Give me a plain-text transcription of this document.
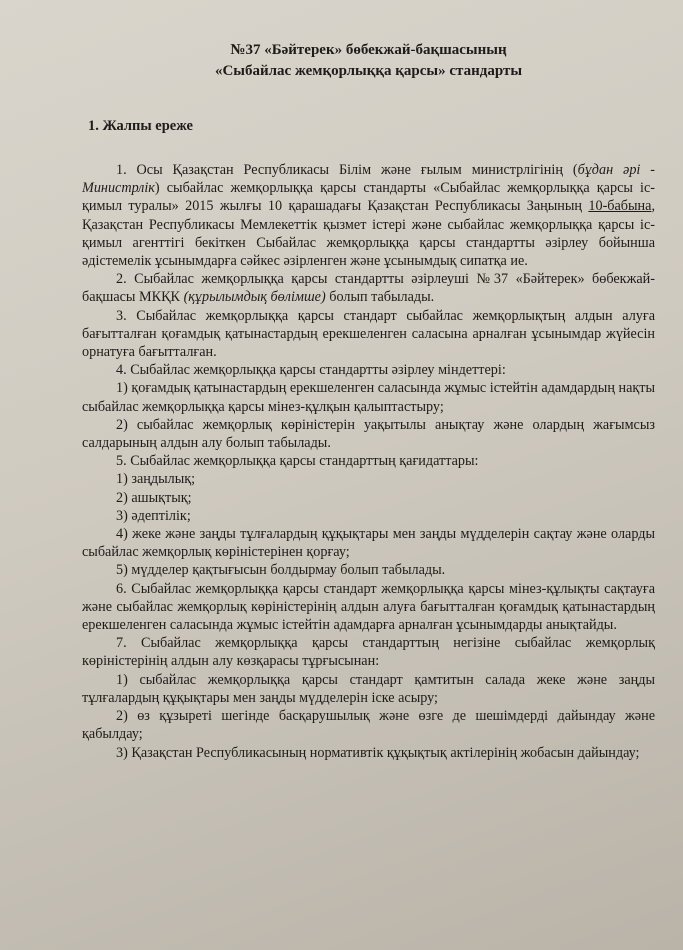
№37 «Бәйтерек» бөбекжай-бақшасының
«Сыбайлас жемқорлыққа қарсы» стандарты
1. Жалпы ереже

1. Осы Қазақстан Республикасы Білім және ғылым министрлігінің (бұдан әрі - Министрлік) сыбайлас жемқорлыққа қарсы стандарты «Сыбайлас жемқорлыққа қарсы іс-қимыл туралы» 2015 жылғы 10 қарашадағы Қазақстан Республикасы Заңының 10-бабына, Қазақстан Республикасы Мемлекеттік қызмет істері және сыбайлас жемқорлыққа қарсы іс-қимыл агенттігі бекіткен Сыбайлас жемқорлыққа қарсы стандартты әзірлеу бойынша әдістемелік ұсынымдарға сәйкес әзірленген және ұсынымдық сипатқа ие.

2. Сыбайлас жемқорлыққа қарсы стандартты әзірлеуші №37 «Бәйтерек» бөбекжай-бақшасы МКҚК (құрылымдық бөлімше) болып табылады.

3. Сыбайлас жемқорлыққа қарсы стандарт сыбайлас жемқорлықтың алдын алуға бағытталған қоғамдық қатынастардың ерекшеленген саласына арналған ұсынымдар жүйесін орнатуға бағытталған.

4. Сыбайлас жемқорлыққа қарсы стандартты әзірлеу міндеттері:

1) қоғамдық қатынастардың ерекшеленген саласында жұмыс істейтін адамдардың нақты сыбайлас жемқорлыққа қарсы мінез-құлқын қалыптастыру;

2) сыбайлас жемқорлық көріністерін уақытылы анықтау және олардың жағымсыз салдарының алдын алу болып табылады.

5. Сыбайлас жемқорлыққа қарсы стандарттың қағидаттары:

1) заңдылық;

2) ашықтық;

3) әдептілік;

4) жеке және заңды тұлғалардың құқықтары мен заңды мүдделерін сақтау және оларды сыбайлас жемқорлық көріністерінен қорғау;

5) мүдделер қақтығысын болдырмау болып табылады.

6. Сыбайлас жемқорлыққа қарсы стандарт жемқорлыққа қарсы мінез-құлықты сақтауға және сыбайлас жемқорлық көріністерінің алдын алуға бағытталған қоғамдық қатынастардың ерекшеленген саласында жұмыс істейтін адамдарға арналған ұсынымдарды анықтайды.

7. Сыбайлас жемқорлыққа қарсы стандарттың негізіне сыбайлас жемқорлық көріністерінің алдын алу көзқарасы тұрғысынан:

1) сыбайлас жемқорлыққа қарсы стандарт қамтитын салада жеке және заңды тұлғалардың құқықтары мен заңды мүдделерін іске асыру;

2) өз құзыреті шегінде басқарушылық және өзге де шешімдерді дайындау және қабылдау;

3) Қазақстан Республикасының нормативтік құқықтық актілерінің жобасын дайындау;
